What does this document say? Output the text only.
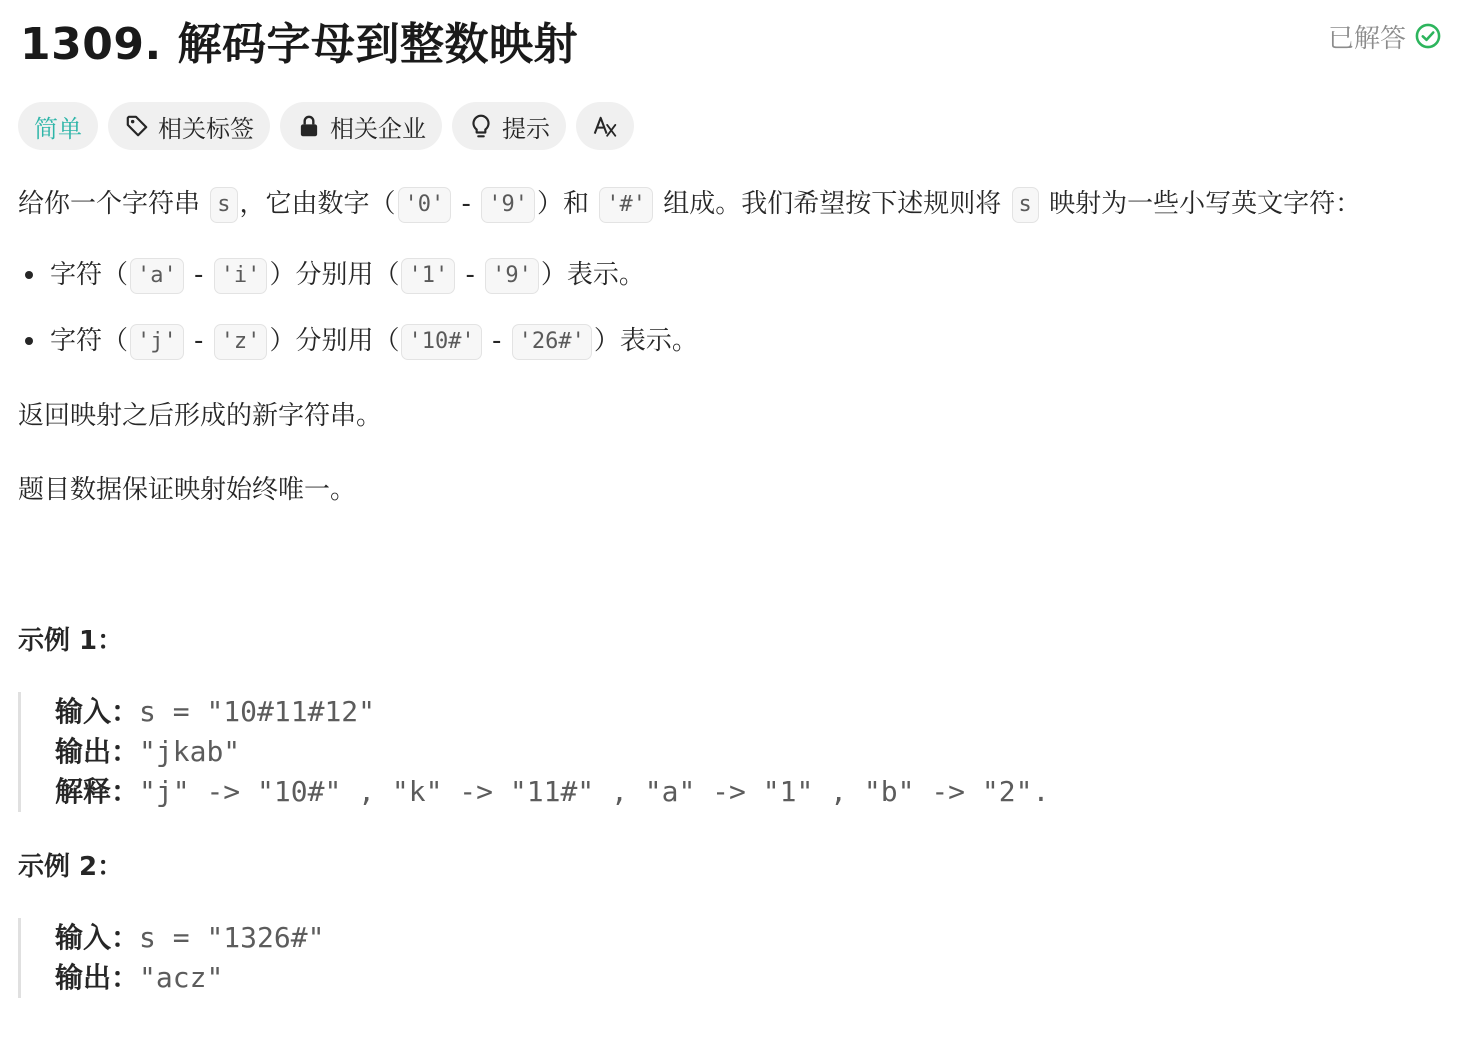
1309. 解码字母到整数映射	已解答
简单	相关标签	相关企业	提示

给你一个字符串 s ，它由数字（ '0' - '9' ）和 '#' 组成。我们希望按下述规则将 s 映射为一些小写英文字符：

字符（ 'a' - 'i' ）分别用（ '1' - '9' ）表示。
字符（ 'j' - 'z' ）分别用（ '10#' - '26#' ）表示。

返回映射之后形成的新字符串。

题目数据保证映射始终唯一。

示例 1：
输入：s = "10#11#12"
输出："jkab"
解释："j" -> "10#" , "k" -> "11#" , "a" -> "1" , "b" -> "2".
示例 2：
输入：s = "1326#"
输出："acz"
